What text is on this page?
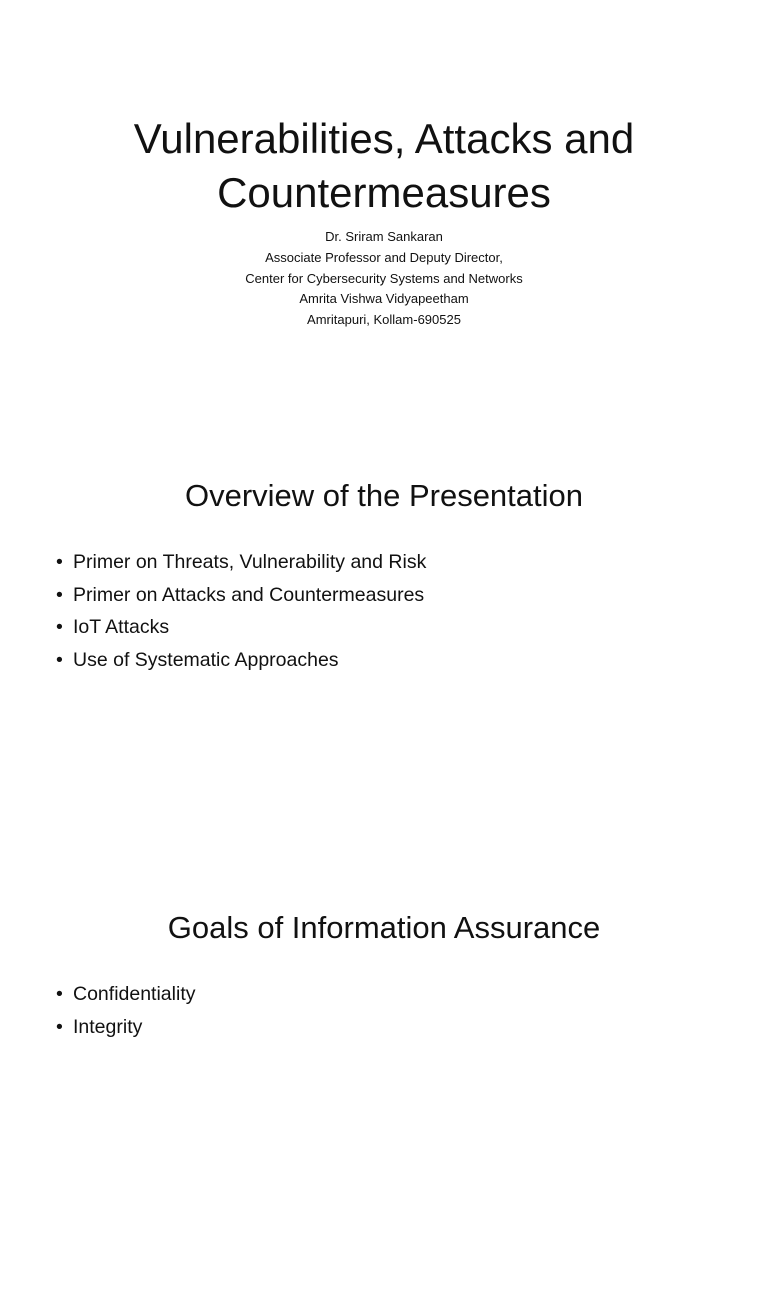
Vulnerabilities, Attacks and
Countermeasures
Dr. Sriram Sankaran
Associate Professor and Deputy Director,
Center for Cybersecurity Systems and Networks
Amrita Vishwa Vidyapeetham
Amritapuri, Kollam-690525
Overview of the Presentation
• Primer on Threats, Vulnerability and Risk
• Primer on Attacks and Countermeasures
• IoT Attacks
• Use of Systematic Approaches
Goals of Information Assurance
• Confidentiality
• Integrity
